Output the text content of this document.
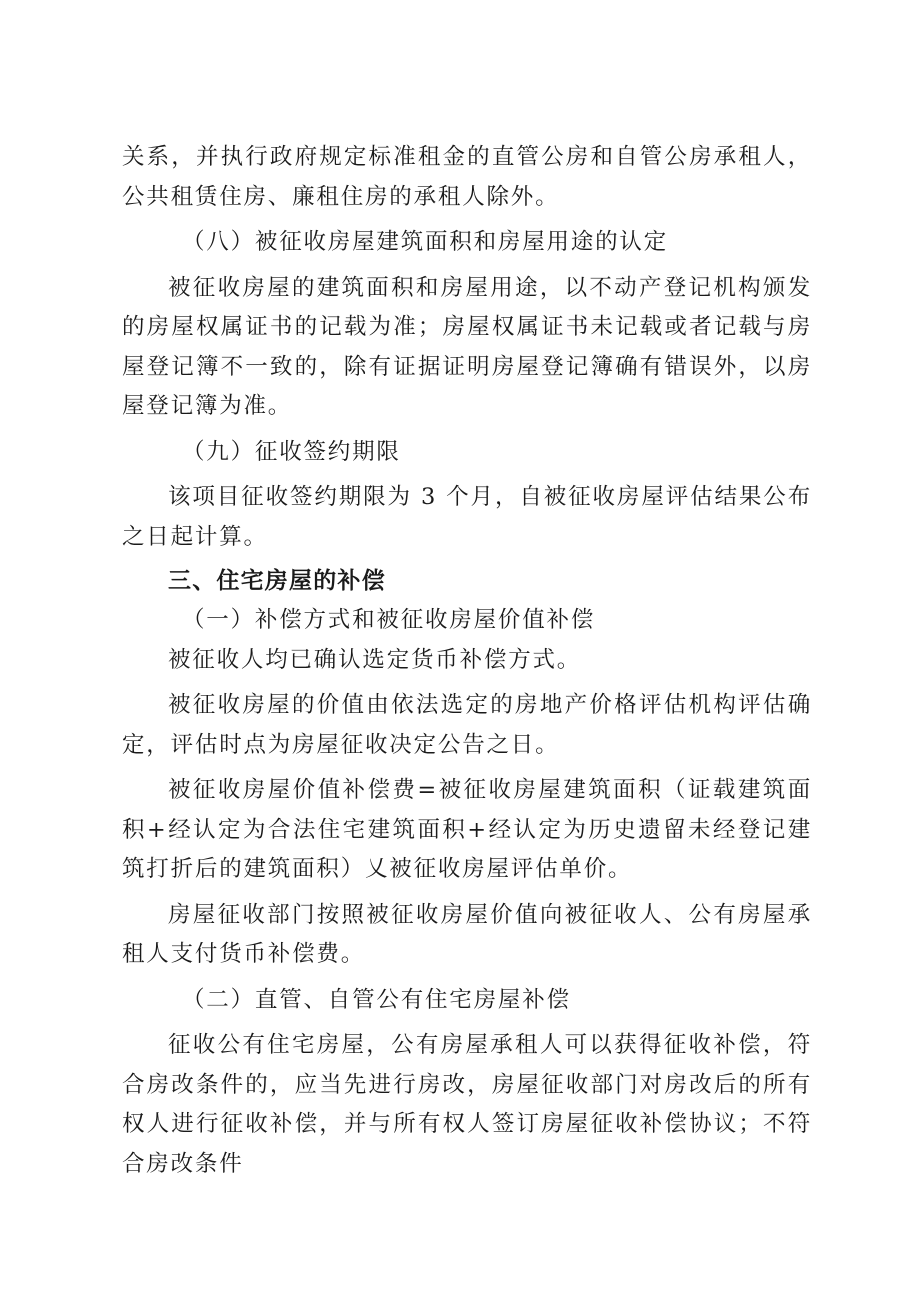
关系，并执行政府规定标准租金的直管公房和自管公房承租人，公共租赁住房、廉租住房的承租人除外。

（八）被征收房屋建筑面积和房屋用途的认定

被征收房屋的建筑面积和房屋用途，以不动产登记机构颁发的房屋权属证书的记载为准；房屋权属证书未记载或者记载与房屋登记簿不一致的，除有证据证明房屋登记簿确有错误外，以房屋登记簿为准。

（九）征收签约期限

该项目征收签约期限为 3 个月，自被征收房屋评估结果公布之日起计算。

三、住宅房屋的补偿

（一）补偿方式和被征收房屋价值补偿

被征收人均已确认选定货币补偿方式。

被征收房屋的价值由依法选定的房地产价格评估机构评估确定，评估时点为房屋征收决定公告之日。

被征收房屋价值补偿费=被征收房屋建筑面积（证载建筑面积+经认定为合法住宅建筑面积+经认定为历史遗留未经登记建筑打折后的建筑面积）乂被征收房屋评估单价。

房屋征收部门按照被征收房屋价值向被征收人、公有房屋承租人支付货币补偿费。

（二）直管、自管公有住宅房屋补偿

征收公有住宅房屋，公有房屋承租人可以获得征收补偿，符合房改条件的，应当先进行房改，房屋征收部门对房改后的所有权人进行征收补偿，并与所有权人签订房屋征收补偿协议；不符合房改条件
